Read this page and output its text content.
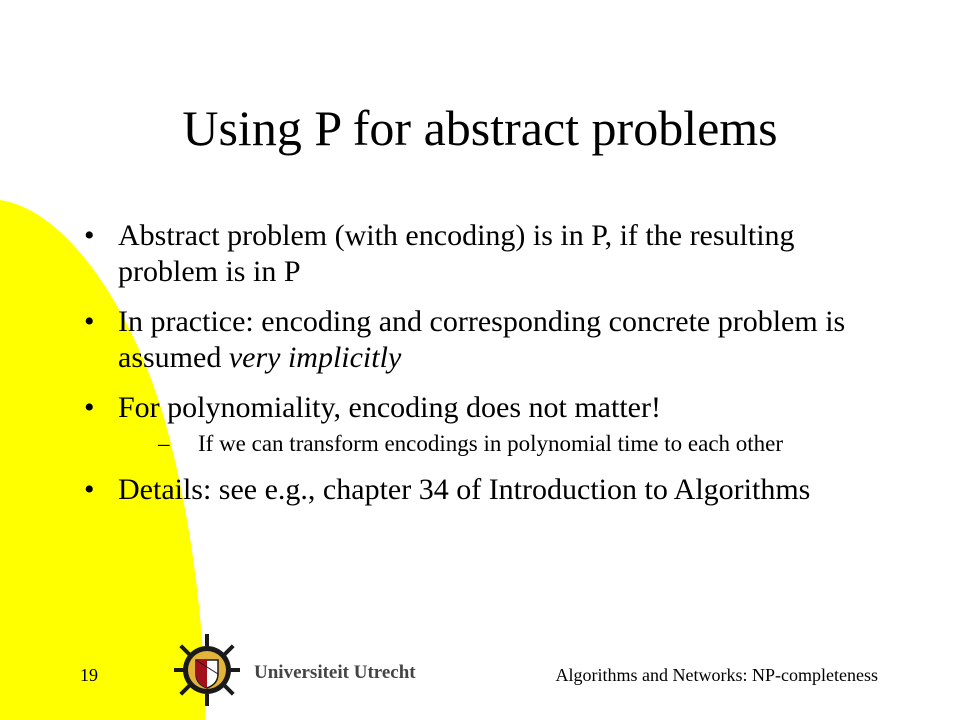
Using P for abstract problems
• Abstract problem (with encoding) is in P, if the resulting problem is in P
• In practice: encoding and corresponding concrete problem is assumed very implicitly
• For polynomiality, encoding does not matter!
– If we can transform encodings in polynomial time to each other
• Details: see e.g., chapter 34 of Introduction to Algorithms
19	Universiteit Utrecht	Algorithms and Networks: NP-completeness
